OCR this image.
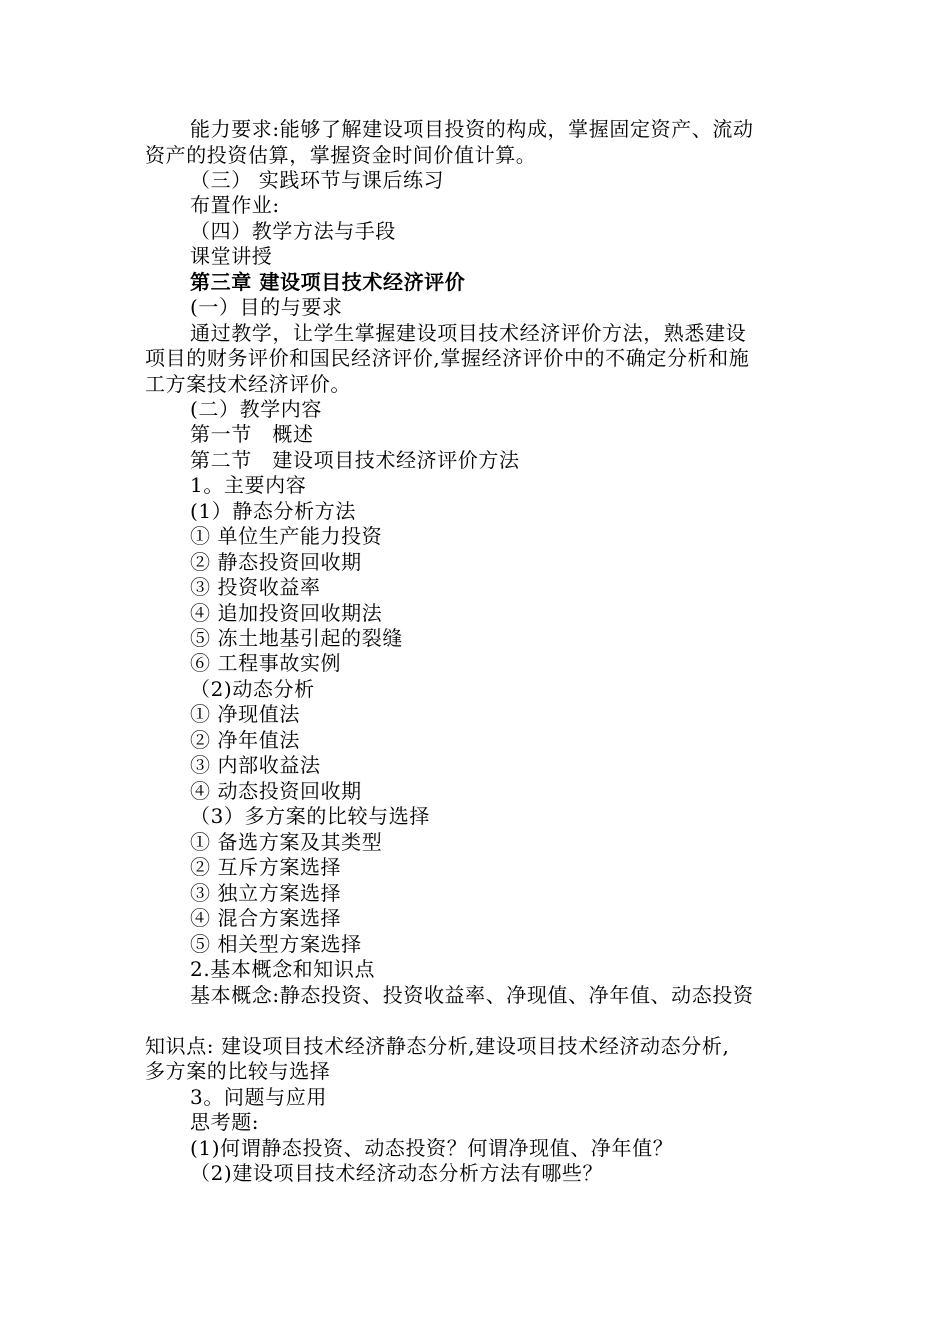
能力要求:能够了解建设项目投资的构成，掌握固定资产、流动
资产的投资估算，掌握资金时间价值计算。
（三） 实践环节与课后练习
布置作业:
（四）教学方法与手段
课堂讲授
第三章 建设项目技术经济评价
(一）目的与要求
通过教学，让学生掌握建设项目技术经济评价方法，熟悉建设
项目的财务评价和国民经济评价,掌握经济评价中的不确定分析和施
工方案技术经济评价。
(二）教学内容
第一节　概述
第二节　建设项目技术经济评价方法
1。主要内容
(1）静态分析方法
① 单位生产能力投资
② 静态投资回收期
③ 投资收益率
④ 追加投资回收期法
⑤ 冻土地基引起的裂缝
⑥ 工程事故实例
（2)动态分析
① 净现值法
② 净年值法
③ 内部收益法
④ 动态投资回收期
（3）多方案的比较与选择
① 备选方案及其类型
② 互斥方案选择
③ 独立方案选择
④ 混合方案选择
⑤ 相关型方案选择
2.基本概念和知识点
基本概念:静态投资、投资收益率、净现值、净年值、动态投资
知识点: 建设项目技术经济静态分析,建设项目技术经济动态分析,
多方案的比较与选择
3。问题与应用
思考题:
(1)何谓静态投资、动态投资？何谓净现值、净年值？
（2)建设项目技术经济动态分析方法有哪些？
